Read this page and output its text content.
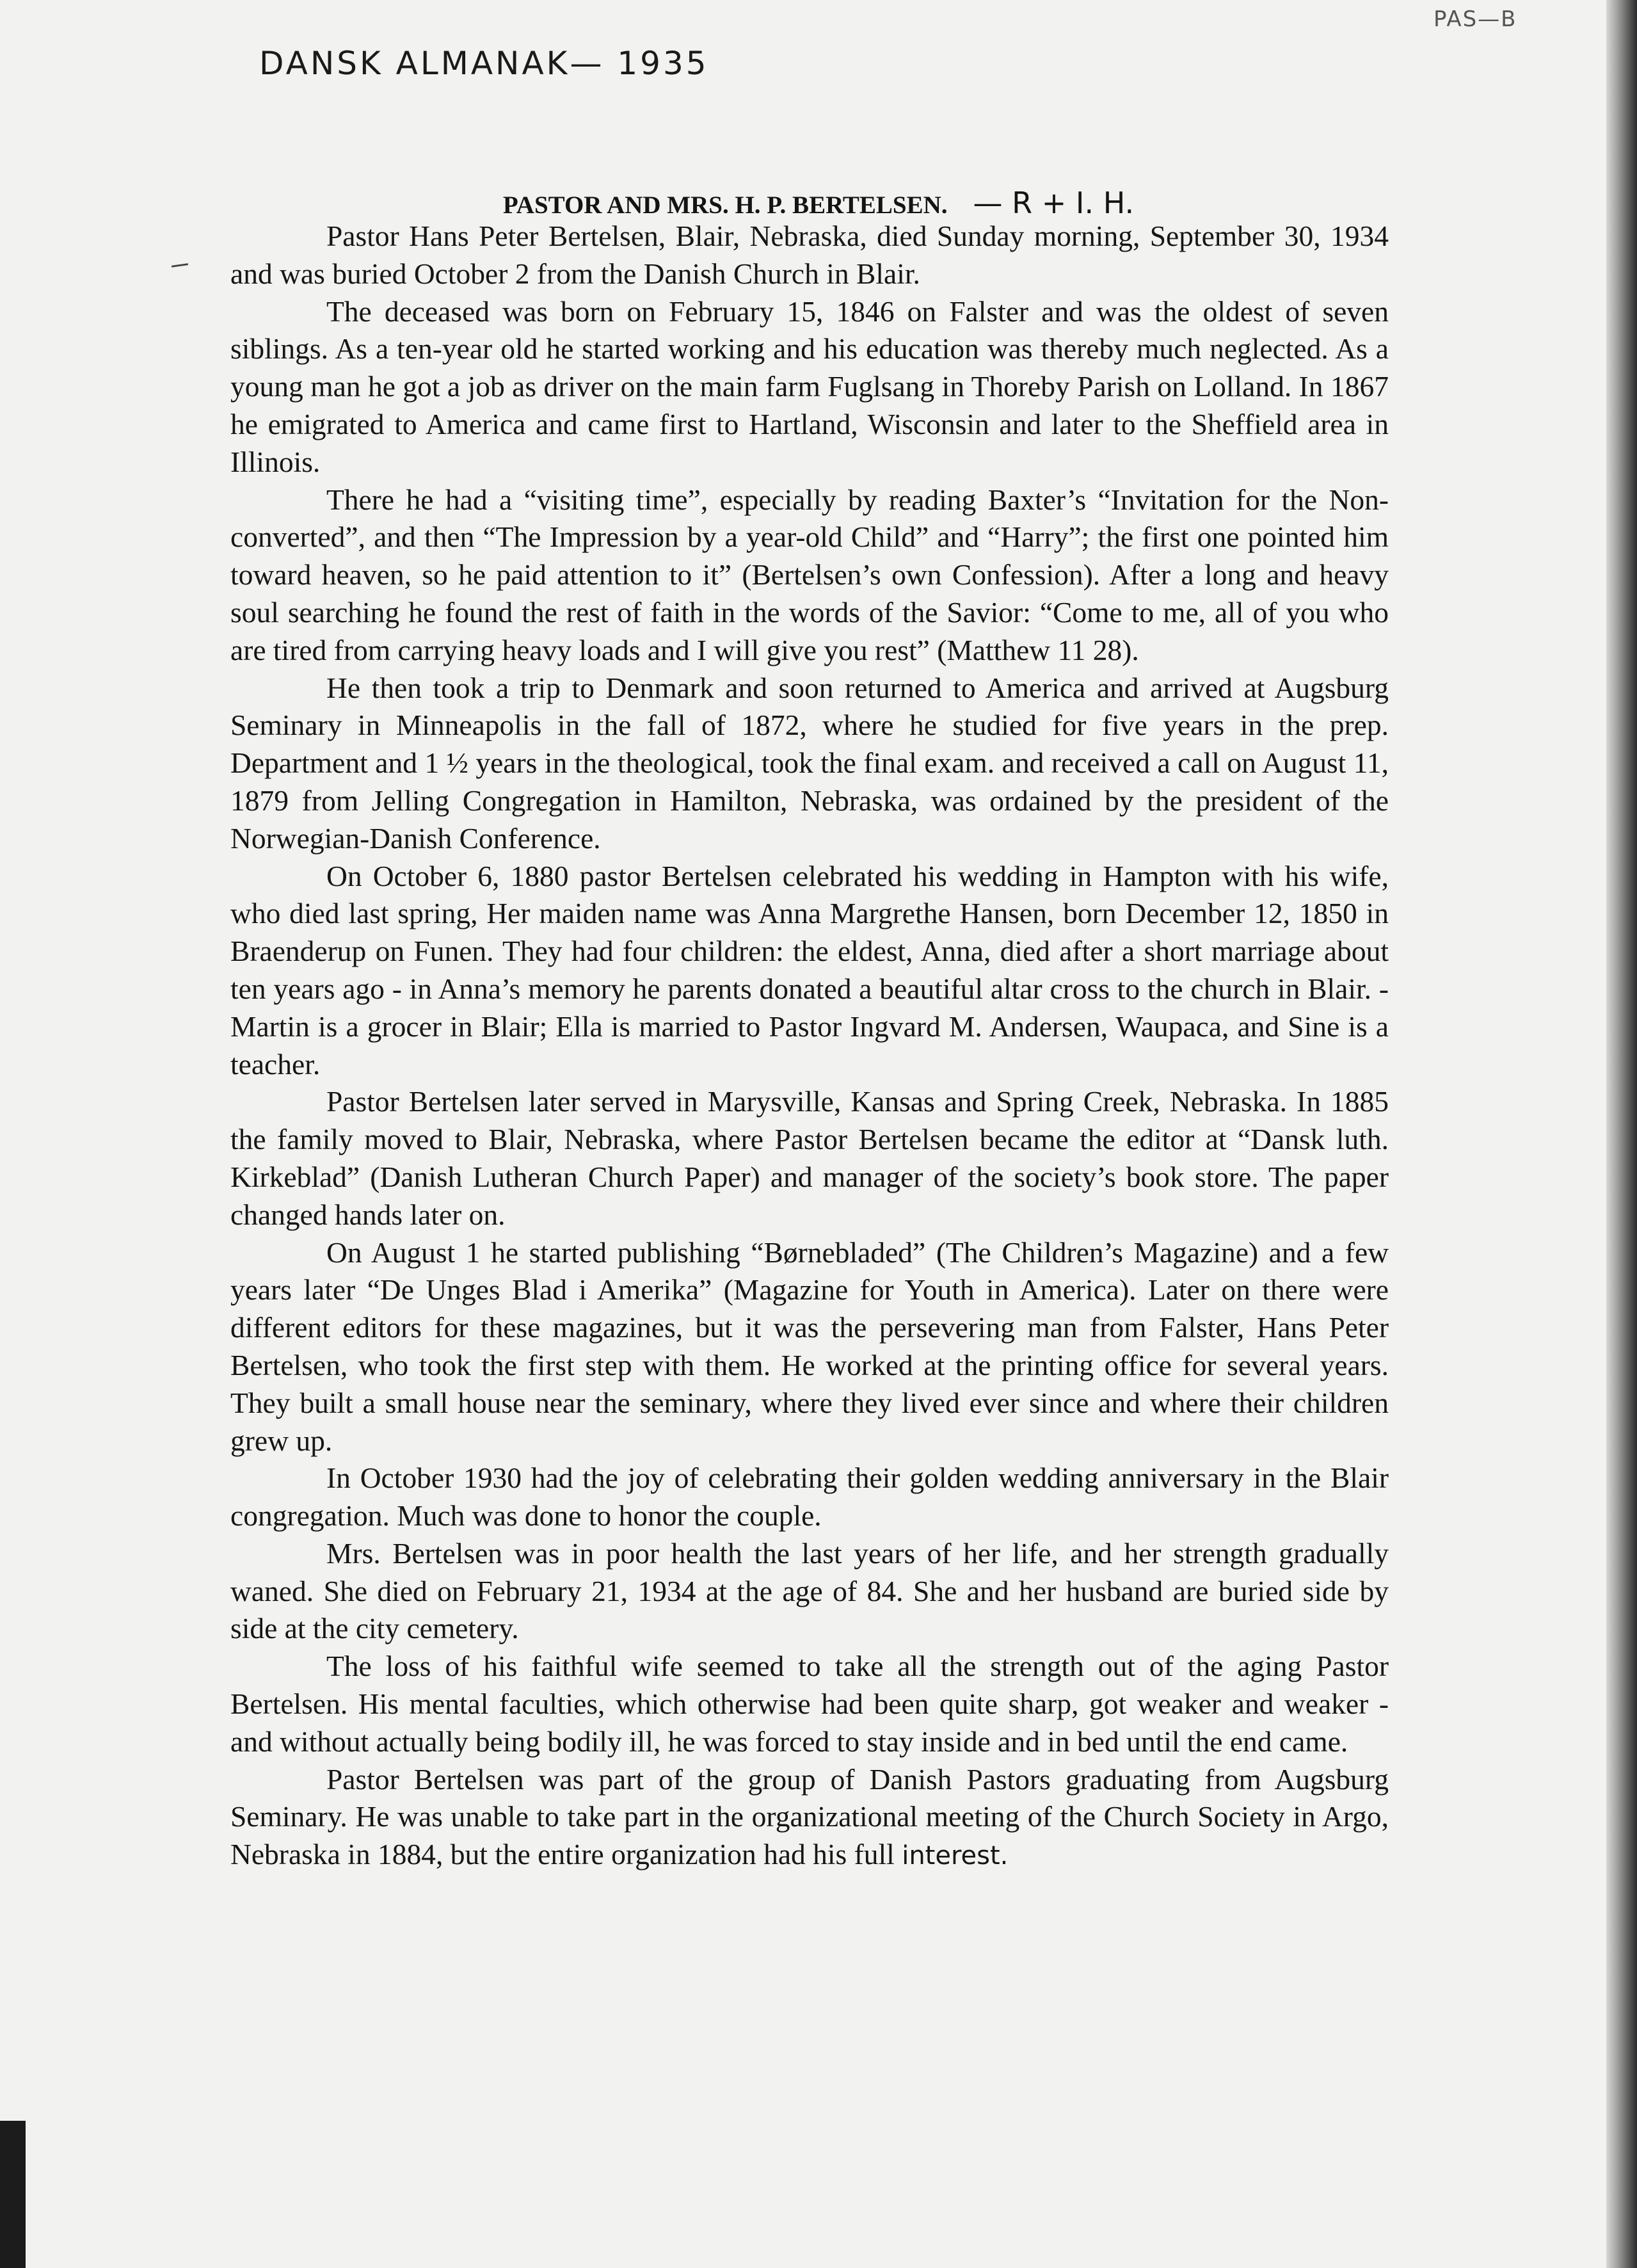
DANSK ALMANAK— 1935
PAS—B
PASTOR AND MRS. H. P. BERTELSEN. — R + I. H.

Pastor Hans Peter Bertelsen, Blair, Nebraska, died Sunday morning, September 30, 1934 and was buried October 2 from the Danish Church in Blair.

The deceased was born on February 15, 1846 on Falster and was the oldest of seven siblings. As a ten-year old he started working and his education was thereby much neglected. As a young man he got a job as driver on the main farm Fuglsang in Thoreby Parish on Lolland. In 1867 he emigrated to America and came first to Hartland, Wisconsin and later to the Sheffield area in Illinois.

There he had a “visiting time”, especially by reading Baxter’s “Invitation for the Non-converted”, and then “The Impression by a year-old Child” and “Harry”; the first one pointed him toward heaven, so he paid attention to it” (Bertelsen’s own Confession). After a long and heavy soul searching he found the rest of faith in the words of the Savior: “Come to me, all of you who are tired from carrying heavy loads and I will give you rest” (Matthew 11 28).

He then took a trip to Denmark and soon returned to America and arrived at Augsburg Seminary in Minneapolis in the fall of 1872, where he studied for five years in the prep. Department and 1 ½ years in the theological, took the final exam. and received a call on August 11, 1879 from Jelling Congregation in Hamilton, Nebraska, was ordained by the president of the Norwegian-Danish Conference.

On October 6, 1880 pastor Bertelsen celebrated his wedding in Hampton with his wife, who died last spring, Her maiden name was Anna Margrethe Hansen, born December 12, 1850 in Braenderup on Funen. They had four children: the eldest, Anna, died after a short marriage about ten years ago - in Anna’s memory he parents donated a beautiful altar cross to the church in Blair. - Martin is a grocer in Blair; Ella is married to Pastor Ingvard M. Andersen, Waupaca, and Sine is a teacher.

Pastor Bertelsen later served in Marysville, Kansas and Spring Creek, Nebraska. In 1885 the family moved to Blair, Nebraska, where Pastor Bertelsen became the editor at “Dansk luth. Kirkeblad” (Danish Lutheran Church Paper) and manager of the society’s book store. The paper changed hands later on.

On August 1 he started publishing “Børnebladed” (The Children’s Magazine) and a few years later “De Unges Blad i Amerika” (Magazine for Youth in America). Later on there were different editors for these magazines, but it was the persevering man from Falster, Hans Peter Bertelsen, who took the first step with them. He worked at the printing office for several years. They built a small house near the seminary, where they lived ever since and where their children grew up.

In October 1930 had the joy of celebrating their golden wedding anniversary in the Blair congregation. Much was done to honor the couple.

Mrs. Bertelsen was in poor health the last years of her life, and her strength gradually waned. She died on February 21, 1934 at the age of 84. She and her husband are buried side by side at the city cemetery.

The loss of his faithful wife seemed to take all the strength out of the aging Pastor Bertelsen. His mental faculties, which otherwise had been quite sharp, got weaker and weaker - and without actually being bodily ill, he was forced to stay inside and in bed until the end came.

Pastor Bertelsen was part of the group of Danish Pastors graduating from Augsburg Seminary. He was unable to take part in the organizational meeting of the Church Society in Argo, Nebraska in 1884, but the entire organization had his full interest.
